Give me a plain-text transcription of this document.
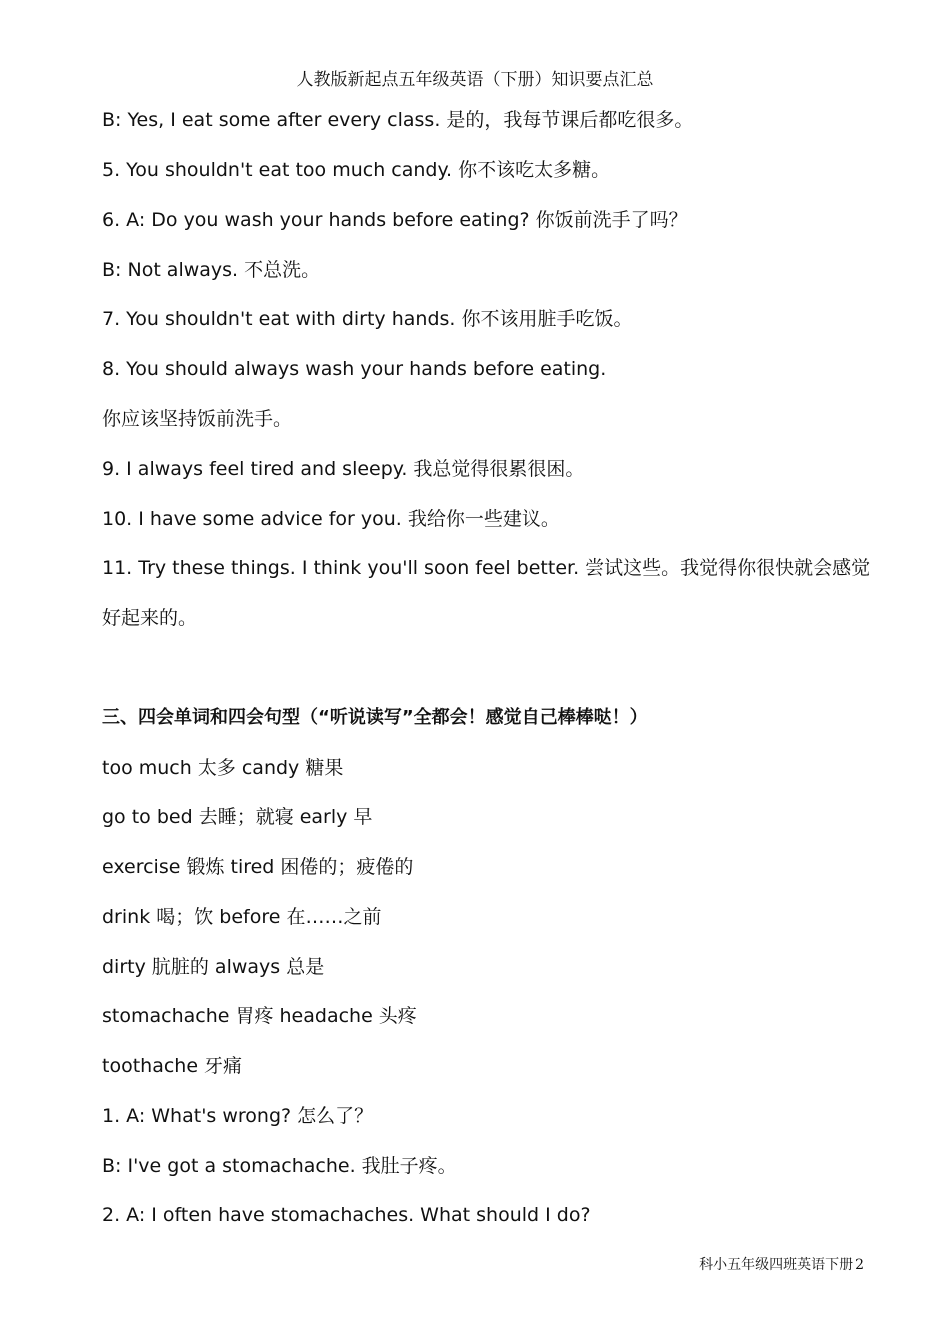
人教版新起点五年级英语（下册）知识要点汇总
B: Yes, I eat some after every class. 是的，我每节课后都吃很多。
5. You shouldn't eat too much candy. 你不该吃太多糖。
6. A: Do you wash your hands before eating? 你饭前洗手了吗？
B: Not always. 不总洗。
7. You shouldn't eat with dirty hands. 你不该用脏手吃饭。
8. You should always wash your hands before eating.
你应该坚持饭前洗手。
9. I always feel tired and sleepy. 我总觉得很累很困。
10. I have some advice for you. 我给你一些建议。
11. Try these things. I think you'll soon feel better. 尝试这些。我觉得你很快就会感觉
好起来的。
三、四会单词和四会句型（“听说读写”全都会！感觉自己棒棒哒！）
too much 太多 candy 糖果
go to bed 去睡；就寝 early 早
exercise 锻炼 tired 困倦的；疲倦的
drink 喝；饮 before 在……之前
dirty 肮脏的 always 总是
stomachache 胃疼 headache 头疼
toothache 牙痛
1. A: What's wrong? 怎么了？
B: I've got a stomachache. 我肚子疼。
2. A: I often have stomachaches. What should I do?
科小五年级四班英语下册 2
